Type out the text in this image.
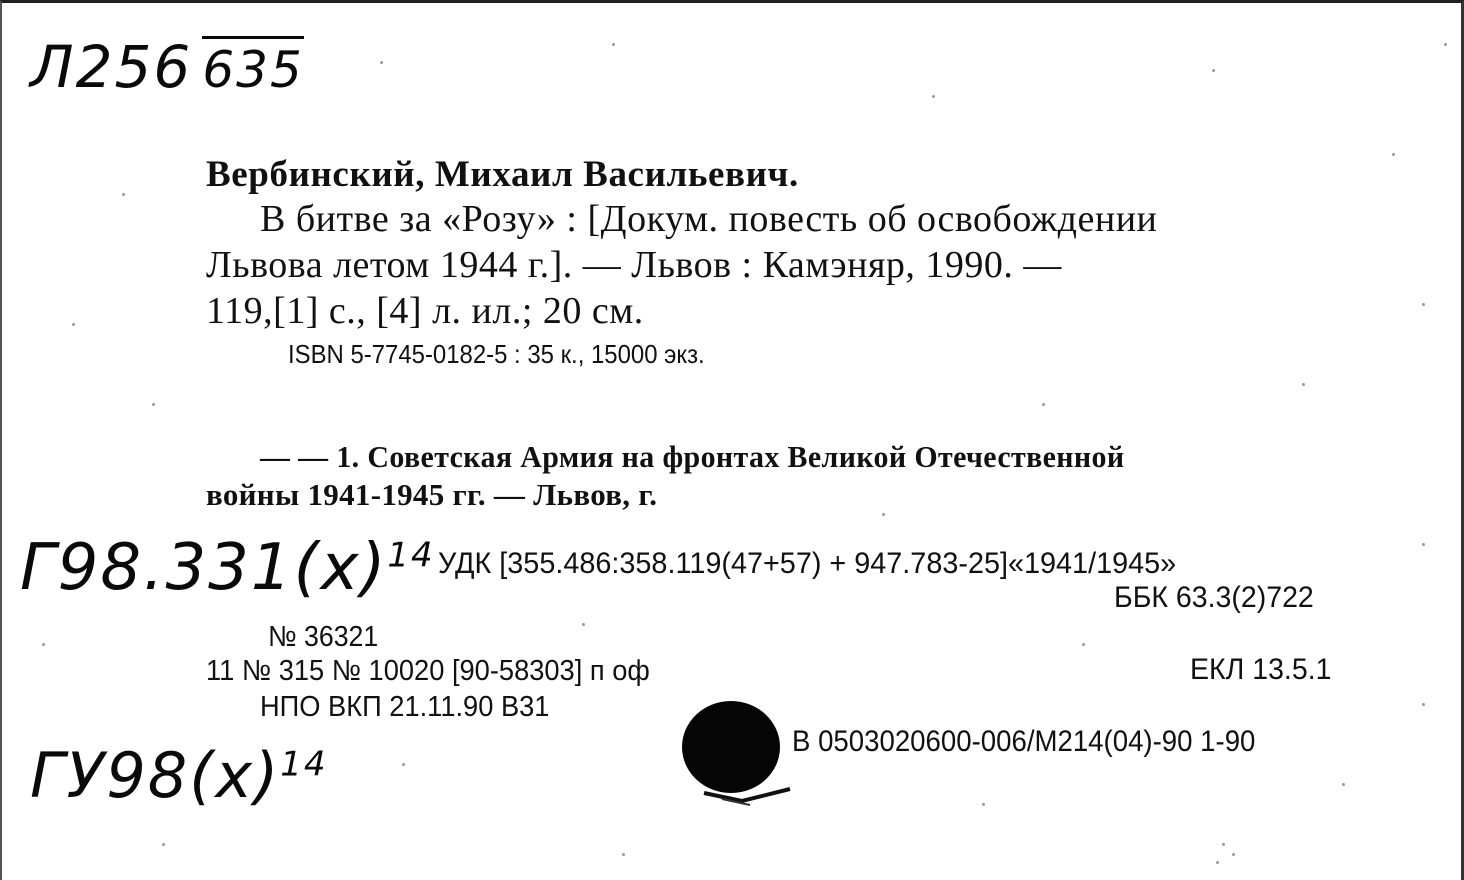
Л256 635
Вербинский, Михаил Васильевич.
В битве за «Розу» : [Докум. повесть об освобождении
Львова летом 1944 г.]. — Львов : Камэняр, 1990. —
119,[1] с., [4] л. ил.; 20 см.
ISBN 5-7745-0182-5 : 35 к., 15000 экз.
— — 1. Советская Армия на фронтах Великой Отечественной
войны 1941-1945 гг. — Львов, г.
$Г98.331(х)^{14}$ УДК [355.486:358.119(47+57) + 947.783-25]«1941/1945»
ББК 63.3(2)722
№ 36321
11 № 315 № 10020 [90-58303] п оф	ЕКЛ 13.5.1
НПО ВКП 21.11.90 В31
В 0503020600-006/М214(04)-90 1-90
$ГУ98(х)^{14}$
